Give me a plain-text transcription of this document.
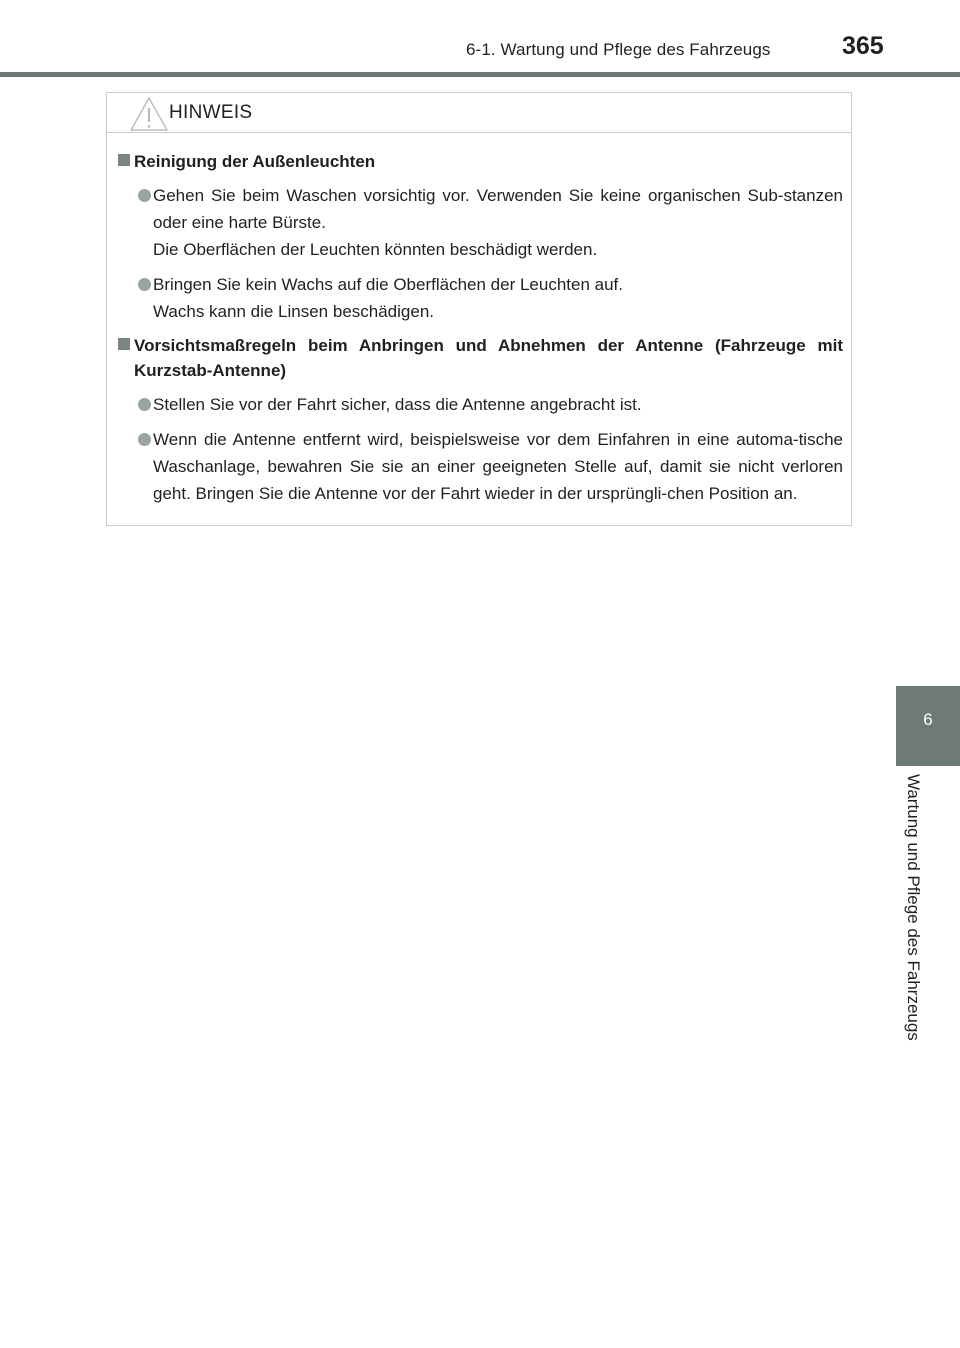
6-1. Wartung und Pflege des Fahrzeugs	365
6
Wartung und Pflege des Fahrzeugs
HINWEIS

Reinigung der Außenleuchten

Gehen Sie beim Waschen vorsichtig vor. Verwenden Sie keine organischen Sub-stanzen oder eine harte Bürste.

Die Oberflächen der Leuchten könnten beschädigt werden.

Bringen Sie kein Wachs auf die Oberflächen der Leuchten auf.

Wachs kann die Linsen beschädigen.

Vorsichtsmaßregeln beim Anbringen und Abnehmen der Antenne (Fahrzeuge mit Kurzstab-Antenne)

Stellen Sie vor der Fahrt sicher, dass die Antenne angebracht ist.

Wenn die Antenne entfernt wird, beispielsweise vor dem Einfahren in eine automa-tische Waschanlage, bewahren Sie sie an einer geeigneten Stelle auf, damit sie nicht verloren geht. Bringen Sie die Antenne vor der Fahrt wieder in der ursprüngli-chen Position an.
